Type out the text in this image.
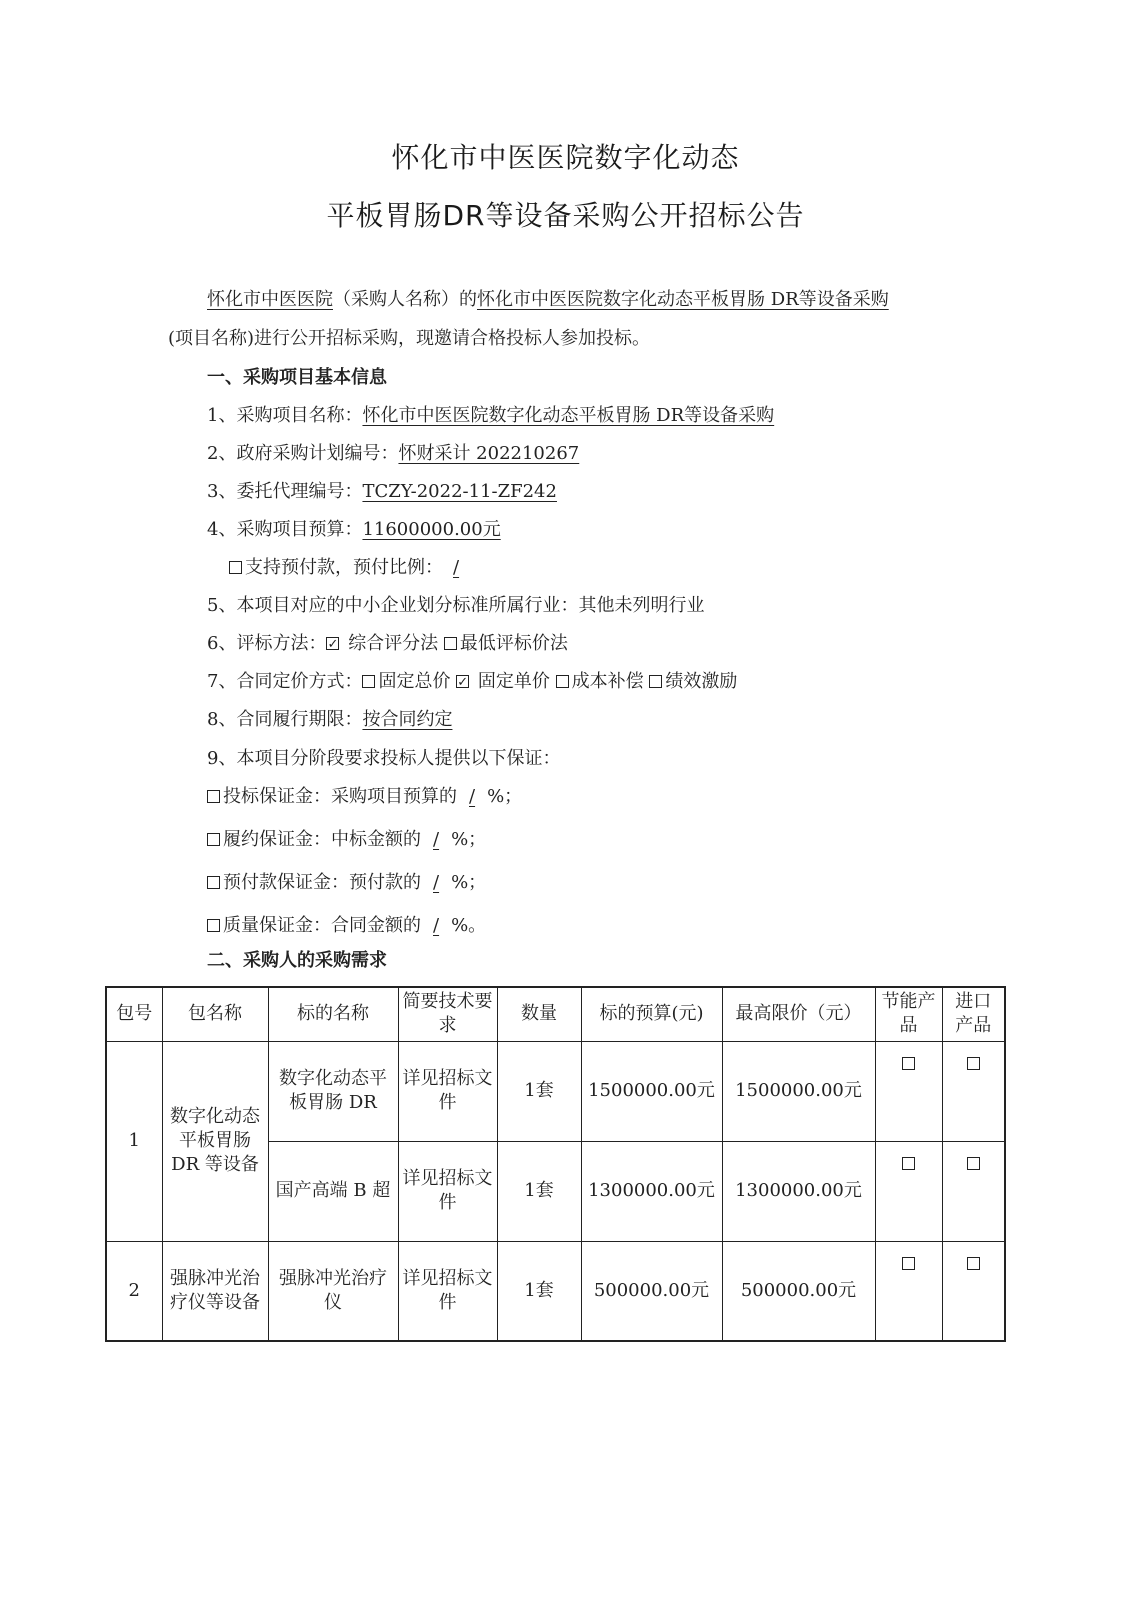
怀化市中医医院数字化动态
平板胃肠DR等设备采购公开招标公告
怀化市中医医院（采购人名称）的怀化市中医医院数字化动态平板胃肠 DR等设备采购
(项目名称)进行公开招标采购，现邀请合格投标人参加投标。
一、采购项目基本信息
1、采购项目名称：怀化市中医医院数字化动态平板胃肠 DR等设备采购
2、政府采购计划编号：怀财采计 202210267
3、委托代理编号：TCZY-2022-11-ZF242
4、采购项目预算：11600000.00元
支持预付款，预付比例： /
5、本项目对应的中小企业划分标准所属行业：其他未列明行业
6、评标方法： ✓ 综合评分法 最低评标价法
7、合同定价方式： 固定总价 ✓ 固定单价 成本补偿 绩效激励
8、合同履行期限：按合同约定
9、本项目分阶段要求投标人提供以下保证：
投标保证金：采购项目预算的 / %；
履约保证金：中标金额的 / %；
预付款保证金：预付款的 / %；
质量保证金：合同金额的 / %。
二、采购人的采购需求
包号	包名称	标的名称	简要技术要求	数量	标的预算(元)	最高限价（元）	节能产品	进口产品
1	数字化动态平板胃肠 DR 等设备	数字化动态平板胃肠 DR	详见招标文件	1套	1500000.00元	1500000.00元		
		国产高端 B 超	详见招标文件	1套	1300000.00元	1300000.00元		
2	强脉冲光治疗仪等设备	强脉冲光治疗仪	详见招标文件	1套	500000.00元	500000.00元		
